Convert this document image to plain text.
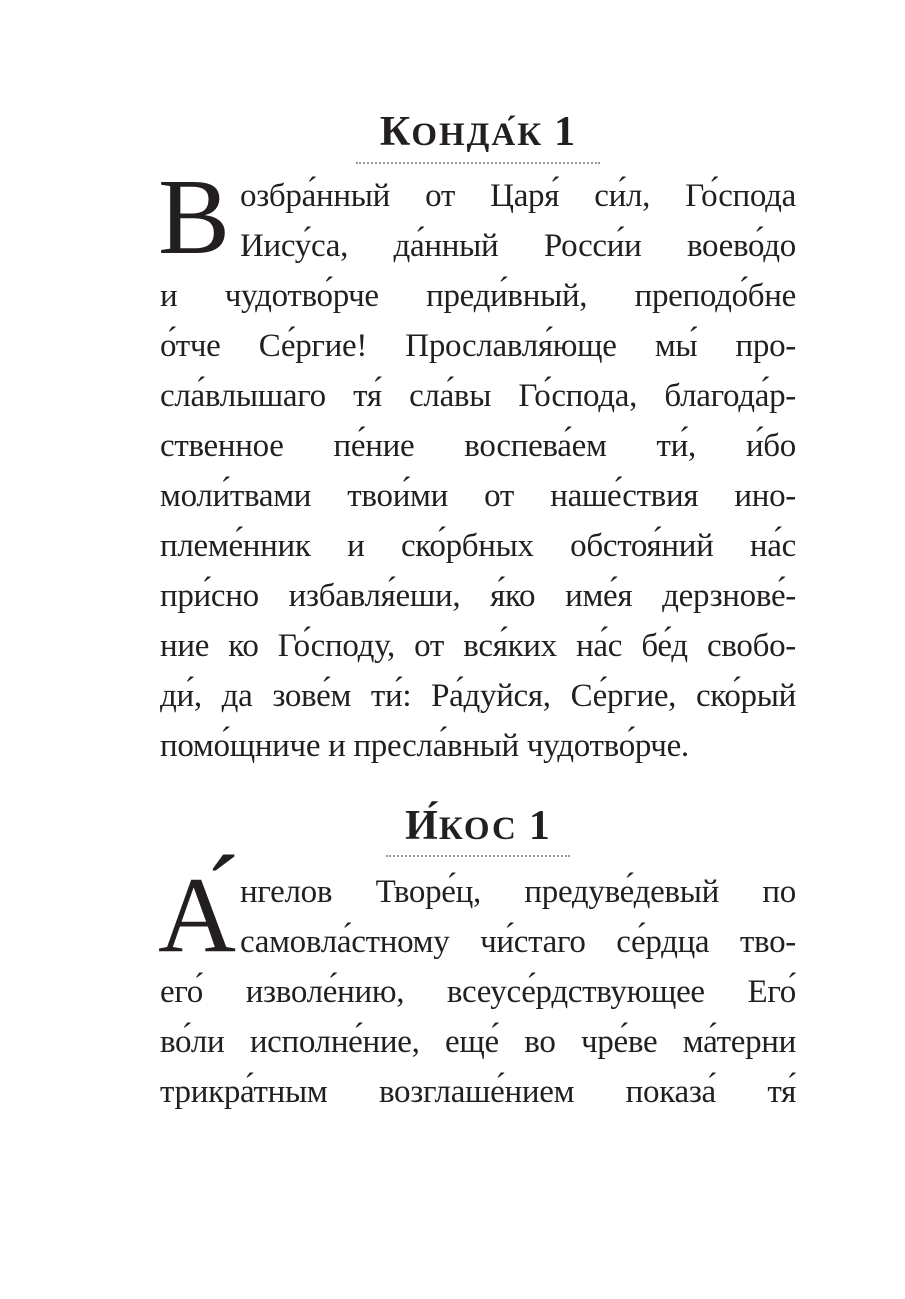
КОНДА́К 1
В озбра́нный от Царя́ си́л, Го́спода
Иису́са, да́нный Росси́и воево́до
и чудотво́рче преди́вный, преподо́бне
о́тче Се́ргие! Прославля́юще мы́ про-
сла́влышаго тя́ сла́вы Го́спода, благода́р-
ственное пе́ние воспева́ем ти́, и́бо
моли́твами твои́ми от наше́ствия ино-
племе́нник и ско́рбных обстоя́ний на́с
при́сно избавля́еши, я́ко име́я дерзнове́-
ние ко Го́споду, от вся́ких на́с бе́д свобо-
ди́, да зове́м ти́: Ра́дуйся, Се́ргие, ско́рый
помо́щниче и пресла́вный чудотво́рче.
И́КОС 1
А́ нгелов Творе́ц, предуве́девый по
самовла́стному чи́стаго се́рдца тво-
его́ изволе́нию, всеусе́рдствующее Его́
во́ли исполне́ние, еще́ во чре́ве ма́терни
трикра́тным возглаше́нием показа́ тя́
